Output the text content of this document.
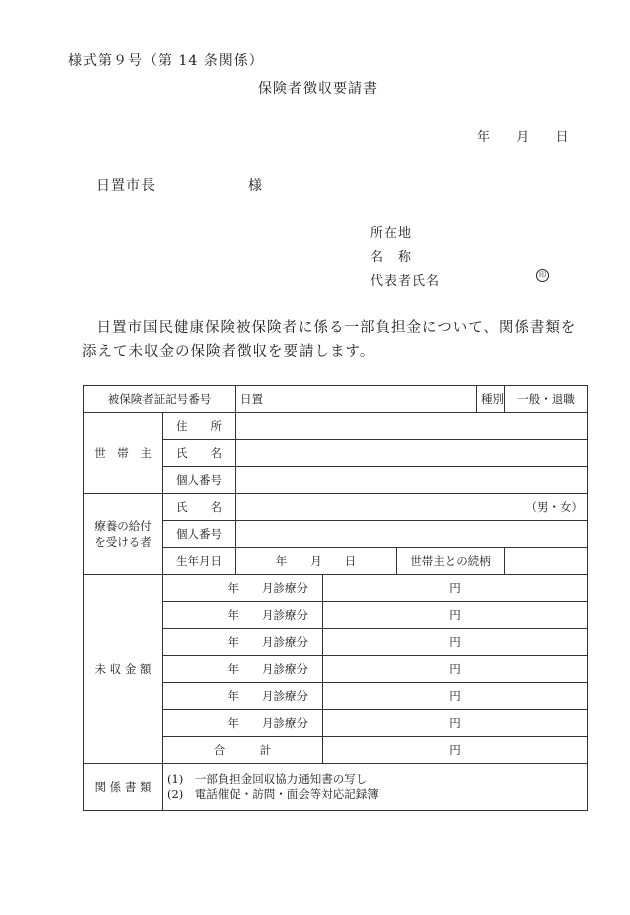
様式第９号（第 14 条関係）
保険者徴収要請書
年 月 日
日置市長	様
所在地
名　称
代表者氏名	印
日置市国民健康保険被保険者に係る一部負担金について、関係書類を添えて未収金の保険者徴収を要請します。
被保険者証記号番号		日置			種別	一般・退職
世　帯　主	住　　所					
	氏　　名					
	個人番号					

療養の給付
を受ける者	氏　　名	（男・女）				
	個人番号					
	生年月日	年　　月　　日		世帯主との続柄		
未 収 金 額	年　　月診療分		円			
	年　　月診療分		円			
	年　　月診療分		円			
	年　　月診療分		円			
	年　　月診療分		円			
	年　　月診療分		円			
	合　　　計		円			
関 係 書 類	(1)　一部負担金回収協力通知書の写し
(2)　電話催促・訪問・面会等対応記録簿					
